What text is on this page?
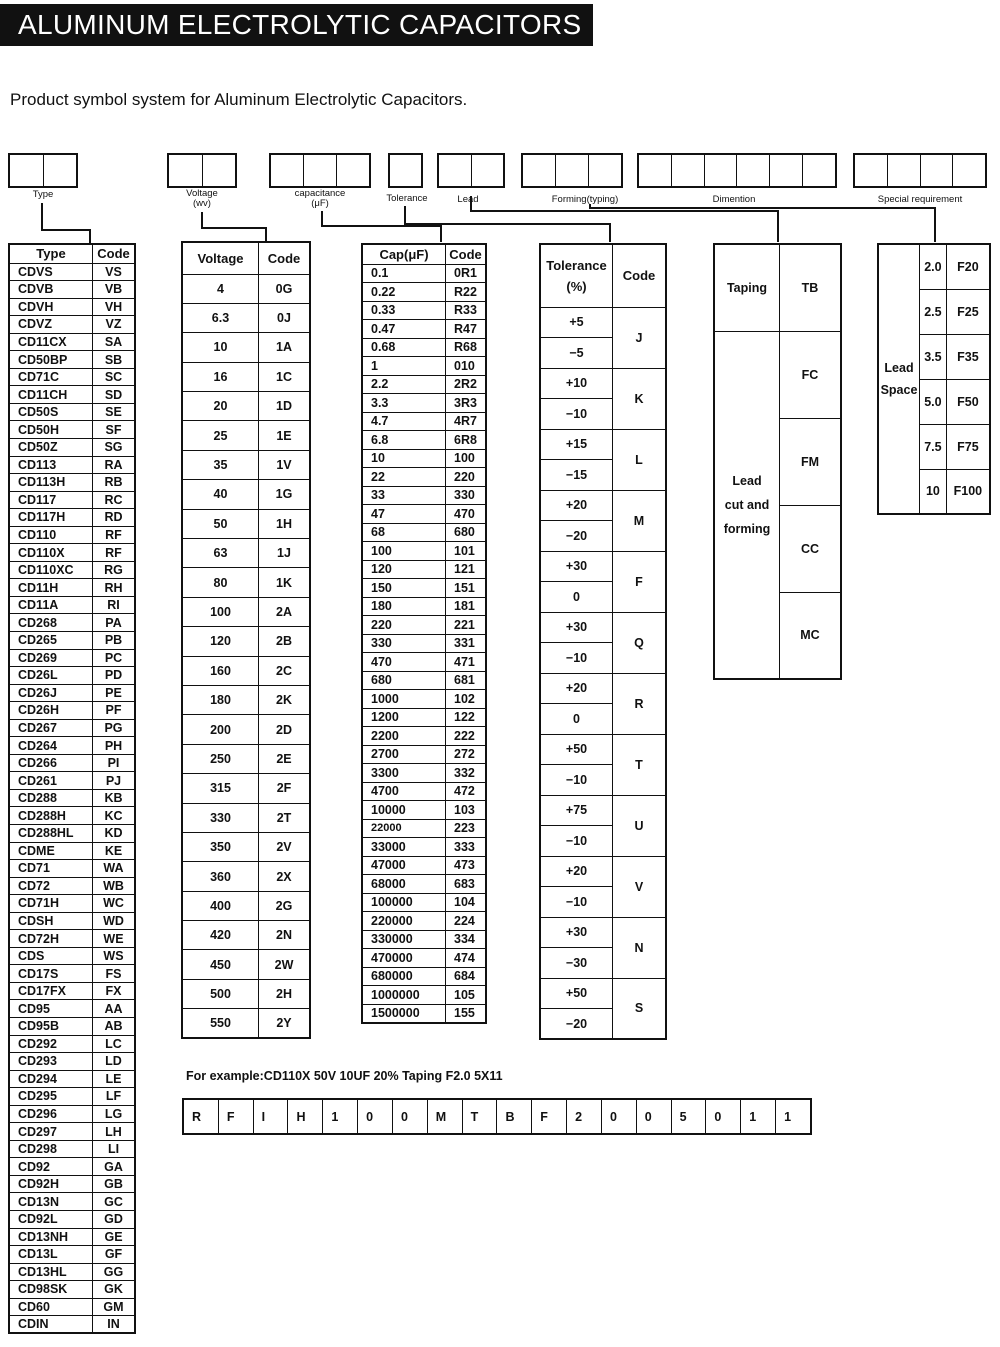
ALUMINUM ELECTROLYTIC CAPACITORS
Product symbol system for Aluminum Electrolytic Capacitors.
Type	Voltage
(wv)
capacitance
(μF)	Tolerance	Lead	Forming(typing)	Dimention	Special requirement
Type	Code
CDVS	VS
CDVB	VB
CDVH	VH
CDVZ	VZ
CD11CX	SA
CD50BP	SB
CD71C	SC
CD11CH	SD
CD50S	SE
CD50H	SF
CD50Z	SG
CD113	RA
CD113H	RB
CD117	RC
CD117H	RD
CD110	RF
CD110X	RF
CD110XC	RG
CD11H	RH
CD11A	RI
CD268	PA
CD265	PB
CD269	PC
CD26L	PD
CD26J	PE
CD26H	PF
CD267	PG
CD264	PH
CD266	PI
CD261	PJ
CD288	KB
CD288H	KC
CD288HL	KD
CDME	KE
CD71	WA
CD72	WB
CD71H	WC
CDSH	WD
CD72H	WE
CDS	WS
CD17S	FS
CD17FX	FX
CD95	AA
CD95B	AB
CD292	LC
CD293	LD
CD294	LE
CD295	LF
CD296	LG
CD297	LH
CD298	LI
CD92	GA
CD92H	GB
CD13N	GC
CD92L	GD
CD13NH	GE
CD13L	GF
CD13HL	GG
CD98SK	GK
CD60	GM
CDIN	IN
Voltage	Code
4	0G
6.3	0J
10	1A
16	1C
20	1D
25	1E
35	1V
40	1G
50	1H
63	1J
80	1K
100	2A
120	2B
160	2C
180	2K
200	2D
250	2E
315	2F
330	2T
350	2V
360	2X
400	2G
420	2N
450	2W
500	2H
550	2Y
Cap(μF)	Code
0.1	0R1
0.22	R22
0.33	R33
0.47	R47
0.68	R68
1	010
2.2	2R2
3.3	3R3
4.7	4R7
6.8	6R8
10	100
22	220
33	330
47	470
68	680
100	101
120	121
150	151
180	181
220	221
330	331
470	471
680	681
1000	102
1200	122
2200	222
2700	272
3300	332
4700	472
10000	103
22000	223
33000	333
47000	473
68000	683
100000	104
220000	224
330000	334
470000	474
680000	684
1000000	105
1500000	155
Tolerance
(%)	Code
+5	J
−5	
+10	K
−10	
+15	L
−15	
+20	M
−20	
+30	F
0	
+30	Q
−10	
+20	R
0	
+50	T
−10	
+75	U
−10	
+20	V
−10	
+30	N
−30	
+50	S
−20	
Taping	TB

Lead
cut and
forming	FC
	FM
	CC
	MC
Lead
Space	2.0	F20
	2.5	F25
	3.5	F35
	5.0	F50
	7.5	F75
	10	F100
For example:CD110X 50V 10UF 20% Taping F2.0 5X11
R	F	I	H	1	0	0	M	T	B	F	2	0	0	5	0	1	1
